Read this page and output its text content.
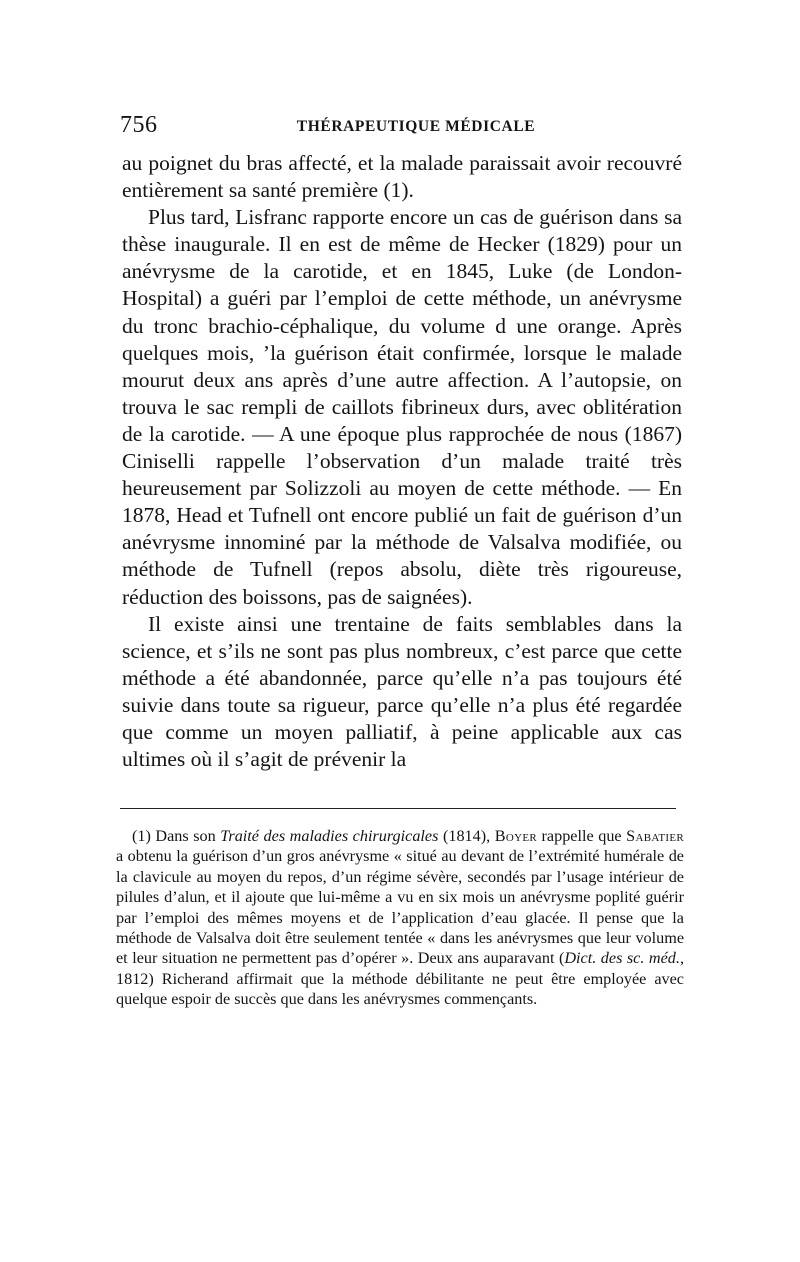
756	THÉRAPEUTIQUE MÉDICALE

au poignet du bras affecté, et la malade paraissait avoir recouvré entièrement sa santé première (1).

Plus tard, Lisfranc rapporte encore un cas de guérison dans sa thèse inaugurale. Il en est de même de Hecker (1829) pour un anévrysme de la carotide, et en 1845, Luke (de London-Hospital) a guéri par l’emploi de cette méthode, un anévrysme du tronc brachio-céphalique, du volume d une orange. Après quelques mois, ’la guérison était confirmée, lorsque le malade mourut deux ans après d’une autre affection. A l’autopsie, on trouva le sac rempli de caillots fibrineux durs, avec oblitération de la carotide. — A une époque plus rapprochée de nous (1867) Ciniselli rappelle l’observation d’un malade traité très heureusement par Solizzoli au moyen de cette méthode. — En 1878, Head et Tufnell ont encore publié un fait de guérison d’un anévrysme innominé par la méthode de Valsalva modifiée, ou méthode de Tufnell (repos absolu, diète très rigoureuse, réduction des boissons, pas de saignées).

Il existe ainsi une trentaine de faits semblables dans la science, et s’ils ne sont pas plus nombreux, c’est parce que cette méthode a été abandonnée, parce qu’elle n’a pas toujours été suivie dans toute sa rigueur, parce qu’elle n’a plus été regardée que comme un moyen palliatif, à peine applicable aux cas ultimes où il s’agit de prévenir la

(1) Dans son Traité des maladies chirurgicales (1814), Boyer rappelle que Sabatier a obtenu la guérison d’un gros anévrysme « situé au devant de l’extrémité humérale de la clavicule au moyen du repos, d’un régime sévère, secondés par l’usage intérieur de pilules d’alun, et il ajoute que lui-même a vu en six mois un anévrysme poplité guérir par l’emploi des mêmes moyens et de l’application d’eau glacée. Il pense que la méthode de Valsalva doit être seulement tentée « dans les anévrysmes que leur volume et leur situation ne permettent pas d’opérer ». Deux ans auparavant (Dict. des sc. méd., 1812) Richerand affirmait que la méthode débilitante ne peut être employée avec quelque espoir de succès que dans les anévrysmes commençants.
